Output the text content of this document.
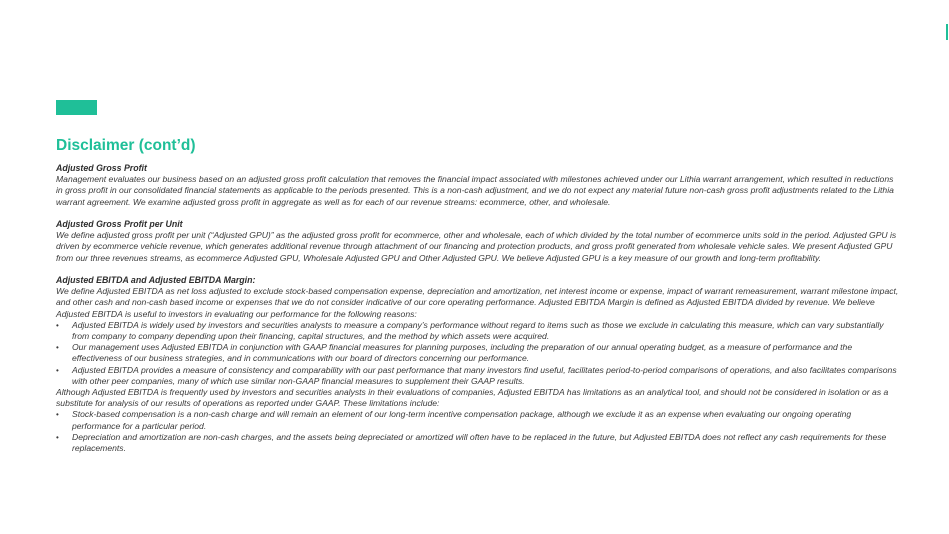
Disclaimer (cont’d)
Adjusted Gross Profit

Management evaluates our business based on an adjusted gross profit calculation that removes the financial impact associated with milestones achieved under our Lithia warrant arrangement, which resulted in reductions in gross profit in our consolidated financial statements as applicable to the periods presented. This is a non-cash adjustment, and we do not expect any material future non-cash gross profit adjustments related to the Lithia warrant agreement. We examine adjusted gross profit in aggregate as well as for each of our revenue streams: ecommerce, other, and wholesale.

Adjusted Gross Profit per Unit

We define adjusted gross profit per unit (“Adjusted GPU)” as the adjusted gross profit for ecommerce, other and wholesale, each of which divided by the total number of ecommerce units sold in the period. Adjusted GPU is driven by ecommerce vehicle revenue, which generates additional revenue through attachment of our financing and protection products, and gross profit generated from wholesale vehicle sales. We present Adjusted GPU from our three revenues streams, as ecommerce Adjusted GPU, Wholesale Adjusted GPU and Other Adjusted GPU. We believe Adjusted GPU is a key measure of our growth and long-term profitability.

Adjusted EBITDA and Adjusted EBITDA Margin:

We define Adjusted EBITDA as net loss adjusted to exclude stock-based compensation expense, depreciation and amortization, net interest income or expense, impact of warrant remeasurement, warrant milestone impact, and other cash and non-cash based income or expenses that we do not consider indicative of our core operating performance. Adjusted EBITDA Margin is defined as Adjusted EBITDA divided by revenue. We believe Adjusted EBITDA is useful to investors in evaluating our performance for the following reasons:

• Adjusted EBITDA is widely used by investors and securities analysts to measure a company’s performance without regard to items such as those we exclude in calculating this measure, which can vary substantially from company to company depending upon their financing, capital structures, and the method by which assets were acquired.
• Our management uses Adjusted EBITDA in conjunction with GAAP financial measures for planning purposes, including the preparation of our annual operating budget, as a measure of performance and the effectiveness of our business strategies, and in communications with our board of directors concerning our performance.
• Adjusted EBITDA provides a measure of consistency and comparability with our past performance that many investors find useful, facilitates period-to-period comparisons of operations, and also facilitates comparisons with other peer companies, many of which use similar non-GAAP financial measures to supplement their GAAP results.

Although Adjusted EBITDA is frequently used by investors and securities analysts in their evaluations of companies, Adjusted EBITDA has limitations as an analytical tool, and should not be considered in isolation or as a substitute for analysis of our results of operations as reported under GAAP. These limitations include:

• Stock-based compensation is a non-cash charge and will remain an element of our long-term incentive compensation package, although we exclude it as an expense when evaluating our ongoing operating performance for a particular period.
• Depreciation and amortization are non-cash charges, and the assets being depreciated or amortized will often have to be replaced in the future, but Adjusted EBITDA does not reflect any cash requirements for these replacements.
